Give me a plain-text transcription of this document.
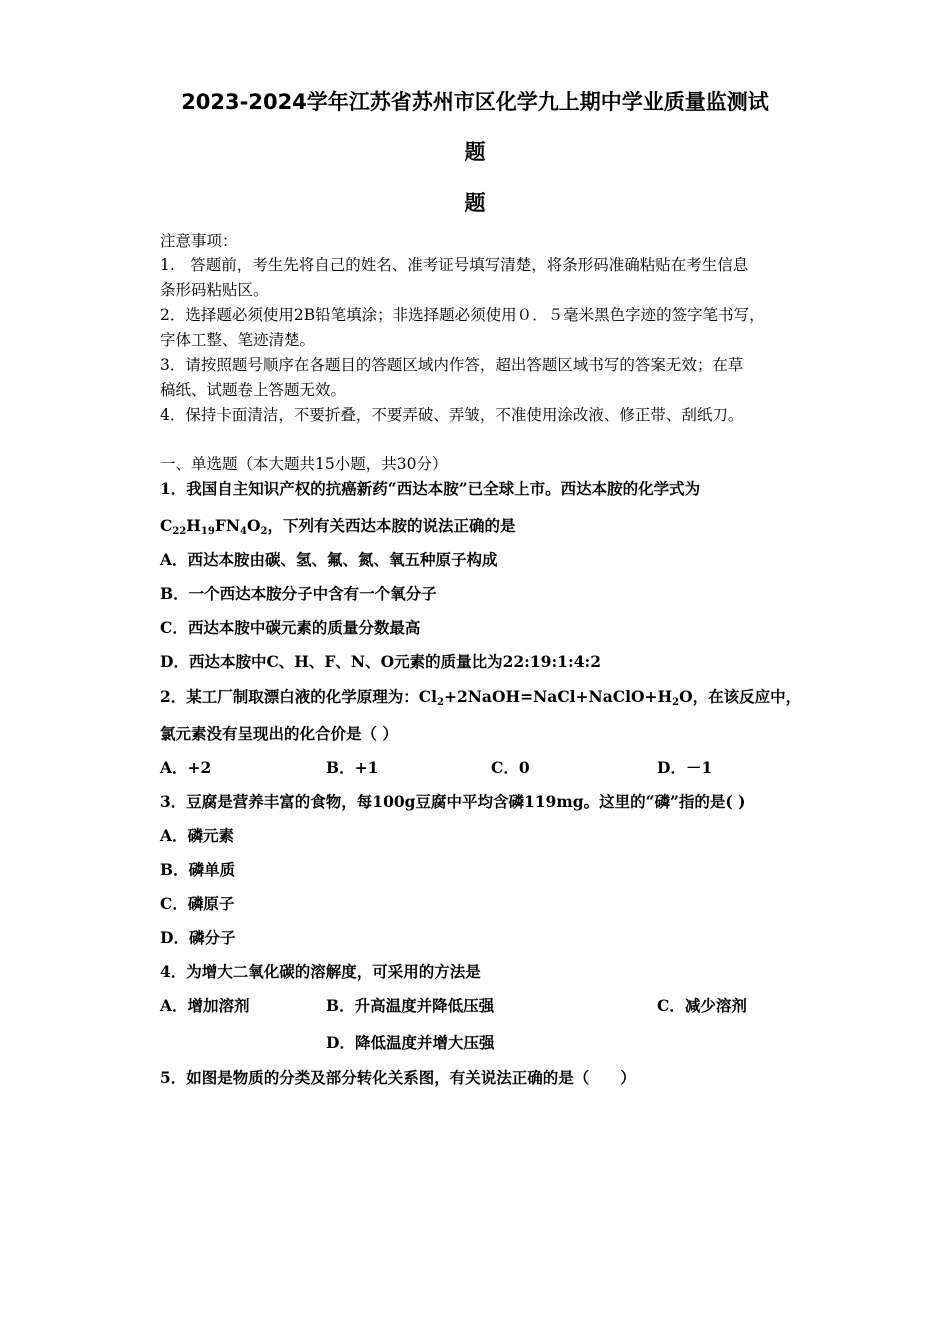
2023-2024学年江苏省苏州市区化学九上期中学业质量监测试
题
题
注意事项：
1.　答题前，考生先将自己的姓名、准考证号填写清楚，将条形码准确粘贴在考生信息
条形码粘贴区。
2．选择题必须使用2B铅笔填涂；非选择题必须使用０．５毫米黑色字迹的签字笔书写，
字体工整、笔迹清楚。
3．请按照题号顺序在各题目的答题区域内作答，超出答题区域书写的答案无效；在草
稿纸、试题卷上答题无效。
4．保持卡面清洁，不要折叠，不要弄破、弄皱，不准使用涂改液、修正带、刮纸刀。
一、单选题（本大题共15小题，共30分）
1．我国自主知识产权的抗癌新药“西达本胺”已全球上市。西达本胺的化学式为
$C_{22}H_{19}FN_4O_2$，下列有关西达本胺的说法正确的是
A．西达本胺由碳、氢、氟、氮、氧五种原子构成
B．一个西达本胺分子中含有一个氧分子
C．西达本胺中碳元素的质量分数最高
D．西达本胺中C、H、F、N、O元素的质量比为22:19:1:4:2
2．某工厂制取漂白液的化学原理为：$Cl_2+2NaOH=NaCl+NaClO+H_2O$，在该反应中，
氯元素没有呈现出的化合价是（ ）
A．+2	B．+1	C．0	D．－1
3．豆腐是营养丰富的食物，每100g豆腐中平均含磷119mg。这里的“磷”指的是( )
A．磷元素
B．磷单质
C．磷原子
D．磷分子
4．为增大二氧化碳的溶解度，可采用的方法是
A．增加溶剂	B．升高温度并降低压强	C．减少溶剂
D．降低温度并增大压强
5．如图是物质的分类及部分转化关系图，有关说法正确的是（　　）
